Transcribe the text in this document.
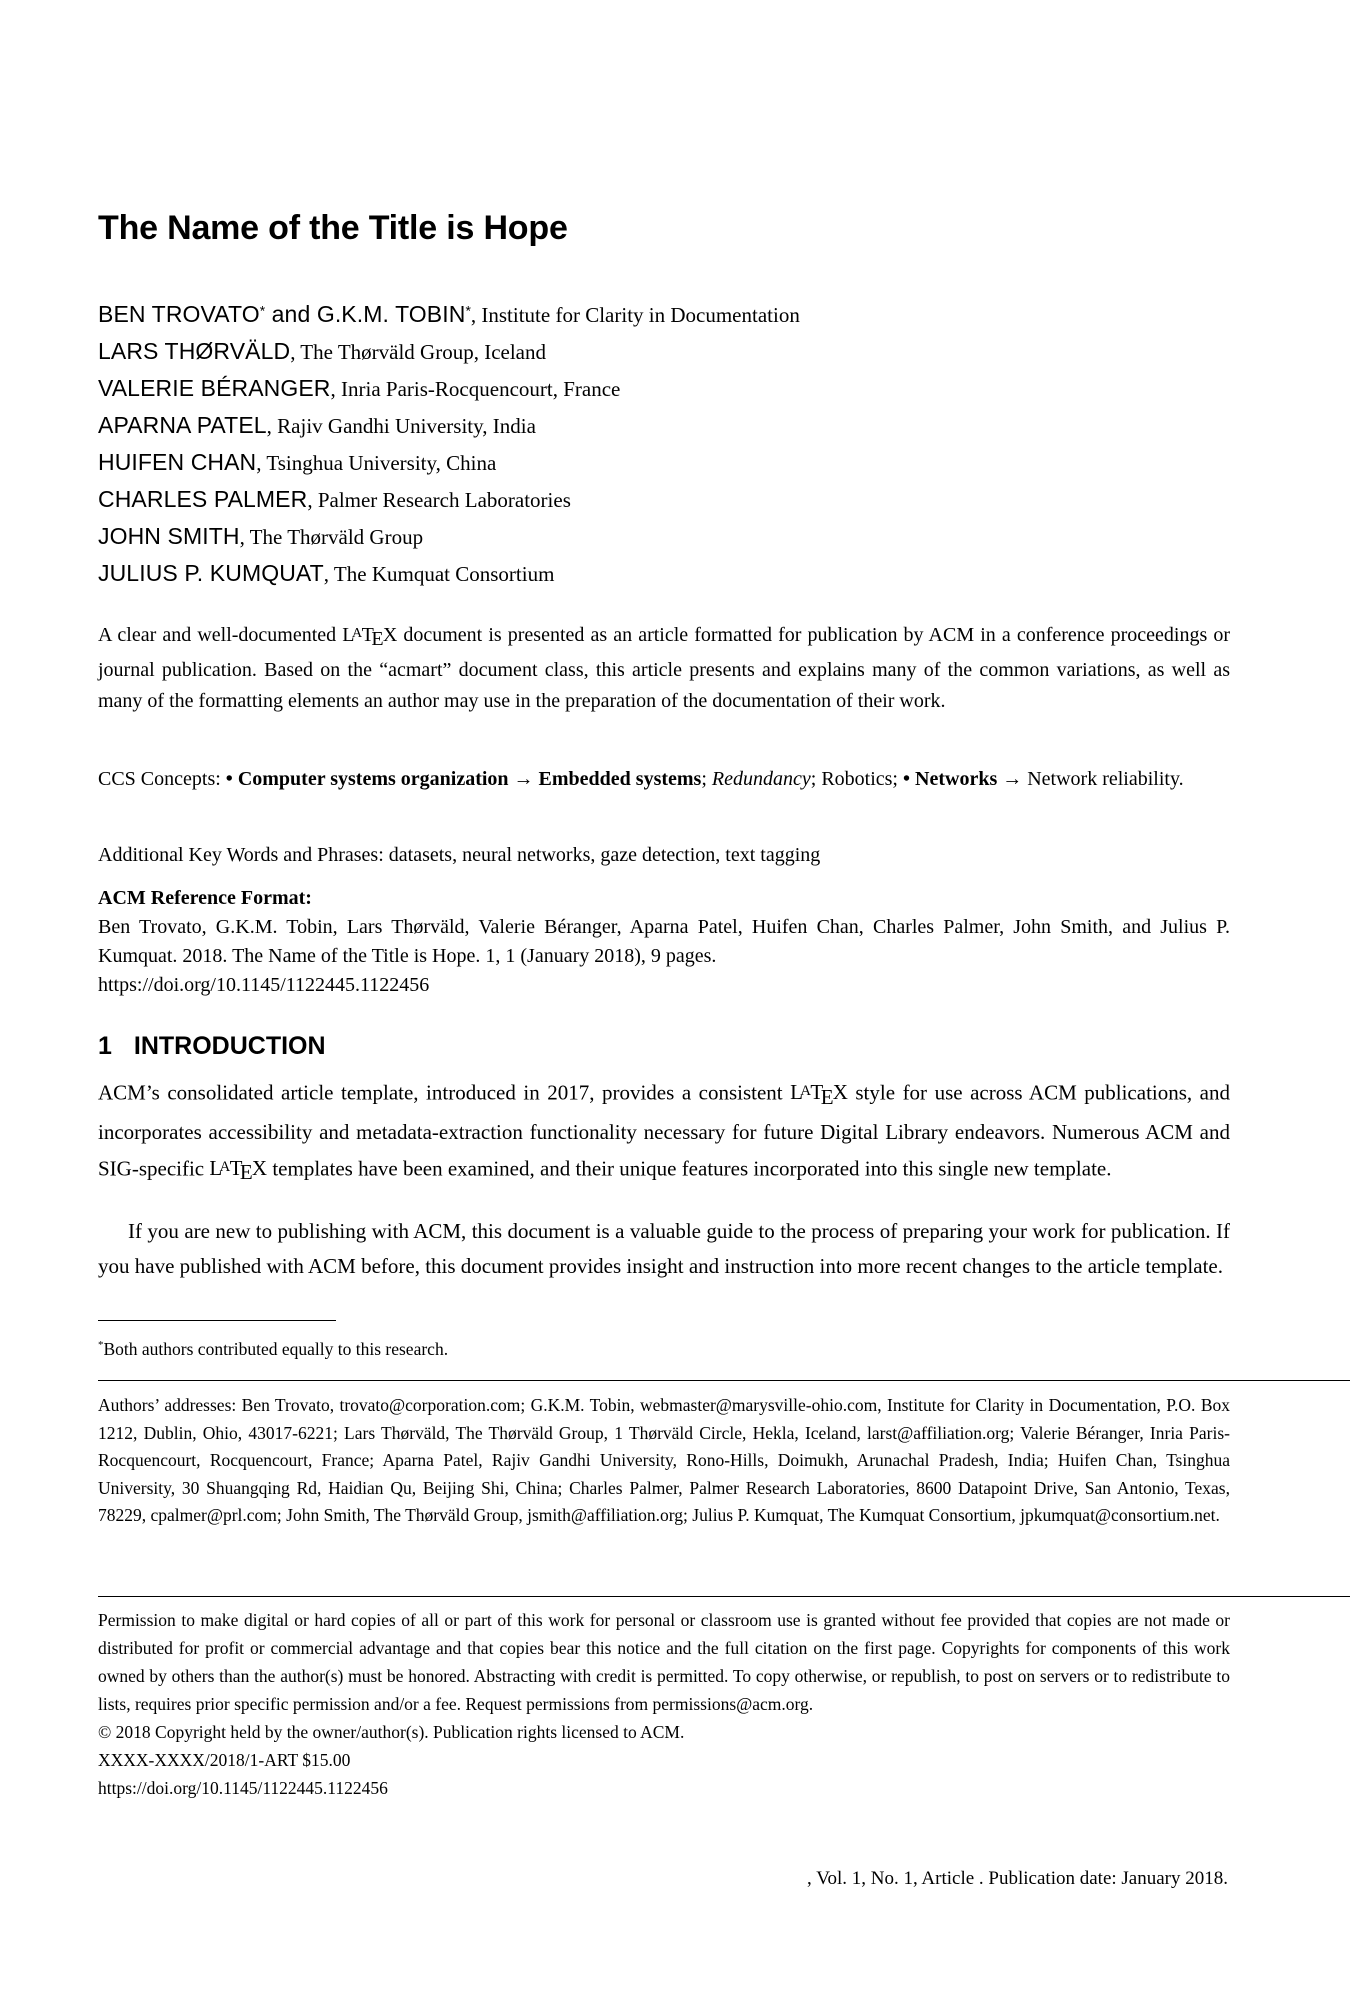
The Name of the Title is Hope
BEN TROVATO* and G.K.M. TOBIN*, Institute for Clarity in Documentation
LARS THØRVÄLD, The Thørväld Group, Iceland
VALERIE BÉRANGER, Inria Paris-Rocquencourt, France
APARNA PATEL, Rajiv Gandhi University, India
HUIFEN CHAN, Tsinghua University, China
CHARLES PALMER, Palmer Research Laboratories
JOHN SMITH, The Thørväld Group
JULIUS P. KUMQUAT, The Kumquat Consortium

A clear and well-documented $L^ATEX$ document is presented as an article formatted for publication by ACM in a conference proceedings or journal publication. Based on the “acmart” document class, this article presents and explains many of the common variations, as well as many of the formatting elements an author may use in the preparation of the documentation of their work.

CCS Concepts: • Computer systems organization → Embedded systems; Redundancy; Robotics; • Networks → Network reliability.

Additional Key Words and Phrases: datasets, neural networks, gaze detection, text tagging

ACM Reference Format:

Ben Trovato, G.K.M. Tobin, Lars Thørväld, Valerie Béranger, Aparna Patel, Huifen Chan, Charles Palmer, John Smith, and Julius P. Kumquat. 2018. The Name of the Title is Hope. 1, 1 (January 2018), 9 pages.

https://doi.org/10.1145/1122445.1122456
1 INTRODUCTION

ACM’s consolidated article template, introduced in 2017, provides a consistent $L^ATEX$ style for use across ACM publications, and incorporates accessibility and metadata-extraction functionality necessary for future Digital Library endeavors. Numerous ACM and SIG-specific $L^ATEX$ templates have been examined, and their unique features incorporated into this single new template.

If you are new to publishing with ACM, this document is a valuable guide to the process of preparing your work for publication. If you have published with ACM before, this document provides insight and instruction into more recent changes to the article template.

*Both authors contributed equally to this research.

Authors’ addresses: Ben Trovato, trovato@corporation.com; G.K.M. Tobin, webmaster@marysville-ohio.com, Institute for Clarity in Documentation, P.O. Box 1212, Dublin, Ohio, 43017-6221; Lars Thørväld, The Thørväld Group, 1 Thørväld Circle, Hekla, Iceland, larst@affiliation.org; Valerie Béranger, Inria Paris-Rocquencourt, Rocquencourt, France; Aparna Patel, Rajiv Gandhi University, Rono-Hills, Doimukh, Arunachal Pradesh, India; Huifen Chan, Tsinghua University, 30 Shuangqing Rd, Haidian Qu, Beijing Shi, China; Charles Palmer, Palmer Research Laboratories, 8600 Datapoint Drive, San Antonio, Texas, 78229, cpalmer@prl.com; John Smith, The Thørväld Group, jsmith@affiliation.org; Julius P. Kumquat, The Kumquat Consortium, jpkumquat@consortium.net.

Permission to make digital or hard copies of all or part of this work for personal or classroom use is granted without fee provided that copies are not made or distributed for profit or commercial advantage and that copies bear this notice and the full citation on the first page. Copyrights for components of this work owned by others than the author(s) must be honored. Abstracting with credit is permitted. To copy otherwise, or republish, to post on servers or to redistribute to lists, requires prior specific permission and/or a fee. Request permissions from permissions@acm.org.

© 2018 Copyright held by the owner/author(s). Publication rights licensed to ACM.

XXXX-XXXX/2018/1-ART $15.00

https://doi.org/10.1145/1122445.1122456
, Vol. 1, No. 1, Article . Publication date: January 2018.
